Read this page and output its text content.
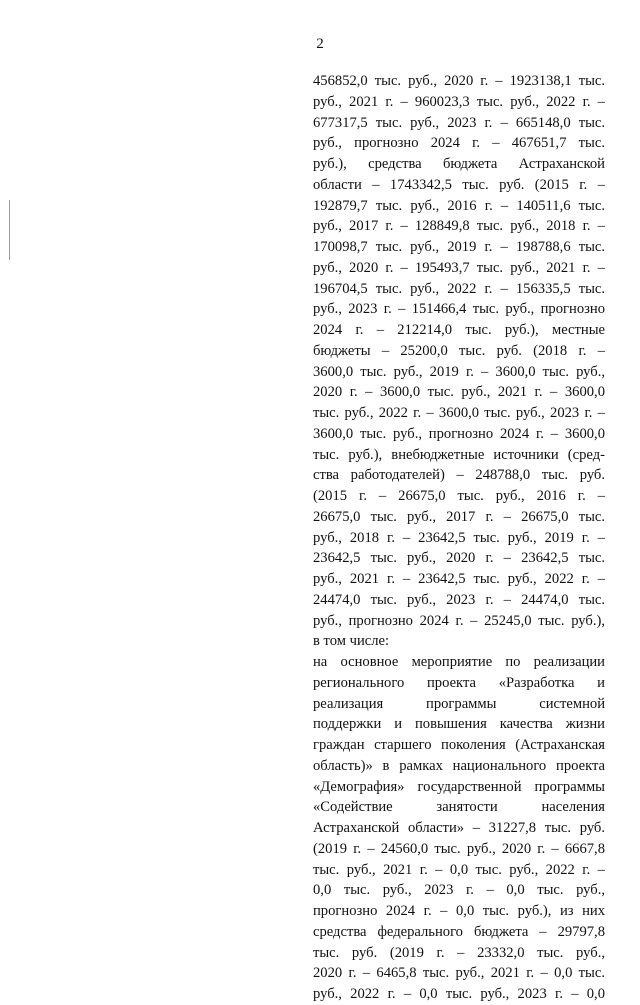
2
456852,0 тыс. руб., 2020 г. – 1923138,1 тыс.
руб., 2021 г. – 960023,3 тыс. руб., 2022 г. –
677317,5 тыс. руб., 2023 г. – 665148,0 тыс.
руб., прогнозно 2024 г. – 467651,7 тыс.
руб.), средства бюджета Астраханской
области – 1743342,5 тыс. руб. (2015 г. –
192879,7 тыс. руб., 2016 г. – 140511,6 тыс.
руб., 2017 г. – 128849,8 тыс. руб., 2018 г. –
170098,7 тыс. руб., 2019 г. – 198788,6 тыс.
руб., 2020 г. – 195493,7 тыс. руб., 2021 г. –
196704,5 тыс. руб., 2022 г. – 156335,5 тыс.
руб., 2023 г. – 151466,4 тыс. руб., прогнозно
2024 г. – 212214,0 тыс. руб.), местные
бюджеты – 25200,0 тыс. руб. (2018 г. –
3600,0 тыс. руб., 2019 г. – 3600,0 тыс. руб.,
2020 г. – 3600,0 тыс. руб., 2021 г. – 3600,0
тыс. руб., 2022 г. – 3600,0 тыс. руб., 2023 г. –
3600,0 тыс. руб., прогнозно 2024 г. – 3600,0
тыс. руб.), внебюджетные источники (сред-
ства работодателей) – 248788,0 тыс. руб.
(2015 г. – 26675,0 тыс. руб., 2016 г. –
26675,0 тыс. руб., 2017 г. – 26675,0 тыс.
руб., 2018 г. – 23642,5 тыс. руб., 2019 г. –
23642,5 тыс. руб., 2020 г. – 23642,5 тыс.
руб., 2021 г. – 23642,5 тыс. руб., 2022 г. –
24474,0 тыс. руб., 2023 г. – 24474,0 тыс.
руб., прогнозно 2024 г. – 25245,0 тыс. руб.),
в том числе:
на основное мероприятие по реализации
регионального проекта «Разработка и
реализация программы системной
поддержки и повышения качества жизни
граждан старшего поколения (Астраханская
область)» в рамках национального проекта
«Демография» государственной программы
«Содействие занятости населения
Астраханской области» – 31227,8 тыс. руб.
(2019 г. – 24560,0 тыс. руб., 2020 г. – 6667,8
тыс. руб., 2021 г. – 0,0 тыс. руб., 2022 г. –
0,0 тыс. руб., 2023 г. – 0,0 тыс. руб.,
прогнозно 2024 г. – 0,0 тыс. руб.), из них
средства федерального бюджета – 29797,8
тыс. руб. (2019 г. – 23332,0 тыс. руб.,
2020 г. – 6465,8 тыс. руб., 2021 г. – 0,0 тыс.
руб., 2022 г. – 0,0 тыс. руб., 2023 г. – 0,0
